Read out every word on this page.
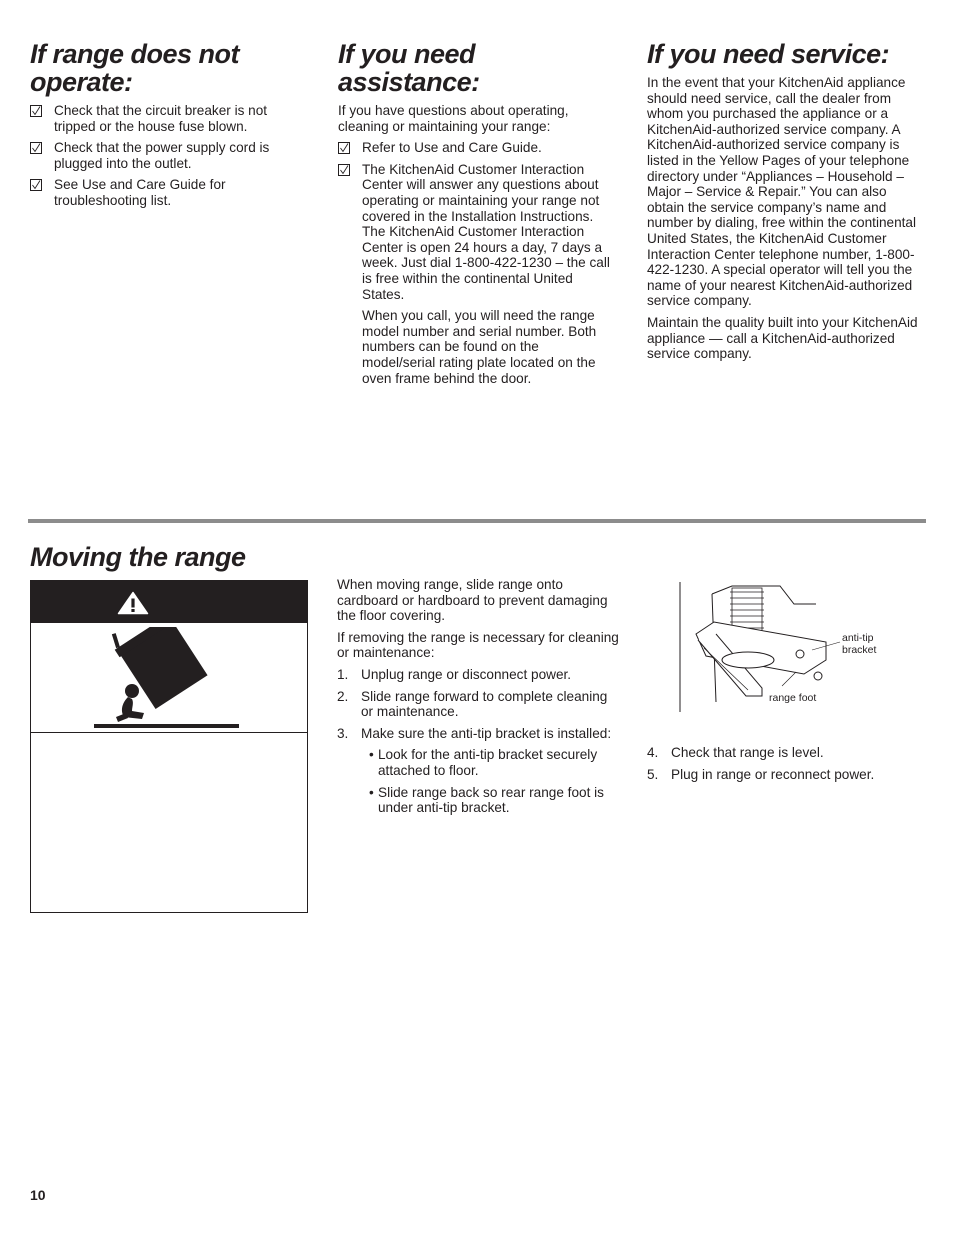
If range does not operate:
Check that the circuit breaker is not tripped or the house fuse blown.
Check that the power supply cord is plugged into the outlet.
See Use and Care Guide for troubleshooting list.
If you need assistance:

If you have questions about operating, cleaning or maintaining your range:

Refer to Use and Care Guide.
The KitchenAid Customer Interaction Center will answer any questions about operating or maintaining your range not covered in the Installation Instructions. The KitchenAid Customer Interaction Center is open 24 hours a day, 7 days a week. Just dial 1-800-422-1230 – the call is free within the continental United States.

When you call, you will need the range model number and serial number. Both numbers can be found on the model/serial rating plate located on the oven frame behind the door.

If you need service:

In the event that your KitchenAid appliance should need service, call the dealer from whom you purchased the appliance or a KitchenAid-authorized service company. A KitchenAid-authorized service company is listed in the Yellow Pages of your telephone directory under “Appliances – Household – Major – Service & Repair.” You can also obtain the service company’s name and number by dialing, free within the continental United States, the KitchenAid Customer Interaction Center telephone number, 1-800-422-1230. A special operator will tell you the name of your nearest KitchenAid-authorized service company.

Maintain the quality built into your KitchenAid appliance — call a KitchenAid-authorized service company.

Moving the range

When moving range, slide range onto cardboard or hardboard to prevent damaging the floor covering.

If removing the range is necessary for cleaning or maintenance:

1. Unplug range or disconnect power.
2. Slide range forward to complete cleaning or maintenance.
3. Make sure the anti-tip bracket is installed:
• Look for the anti-tip bracket securely attached to floor.
• Slide range back so rear range foot is under anti-tip bracket.
anti-tip
bracket
range foot
4. Check that range is level.
5. Plug in range or reconnect power.
10
